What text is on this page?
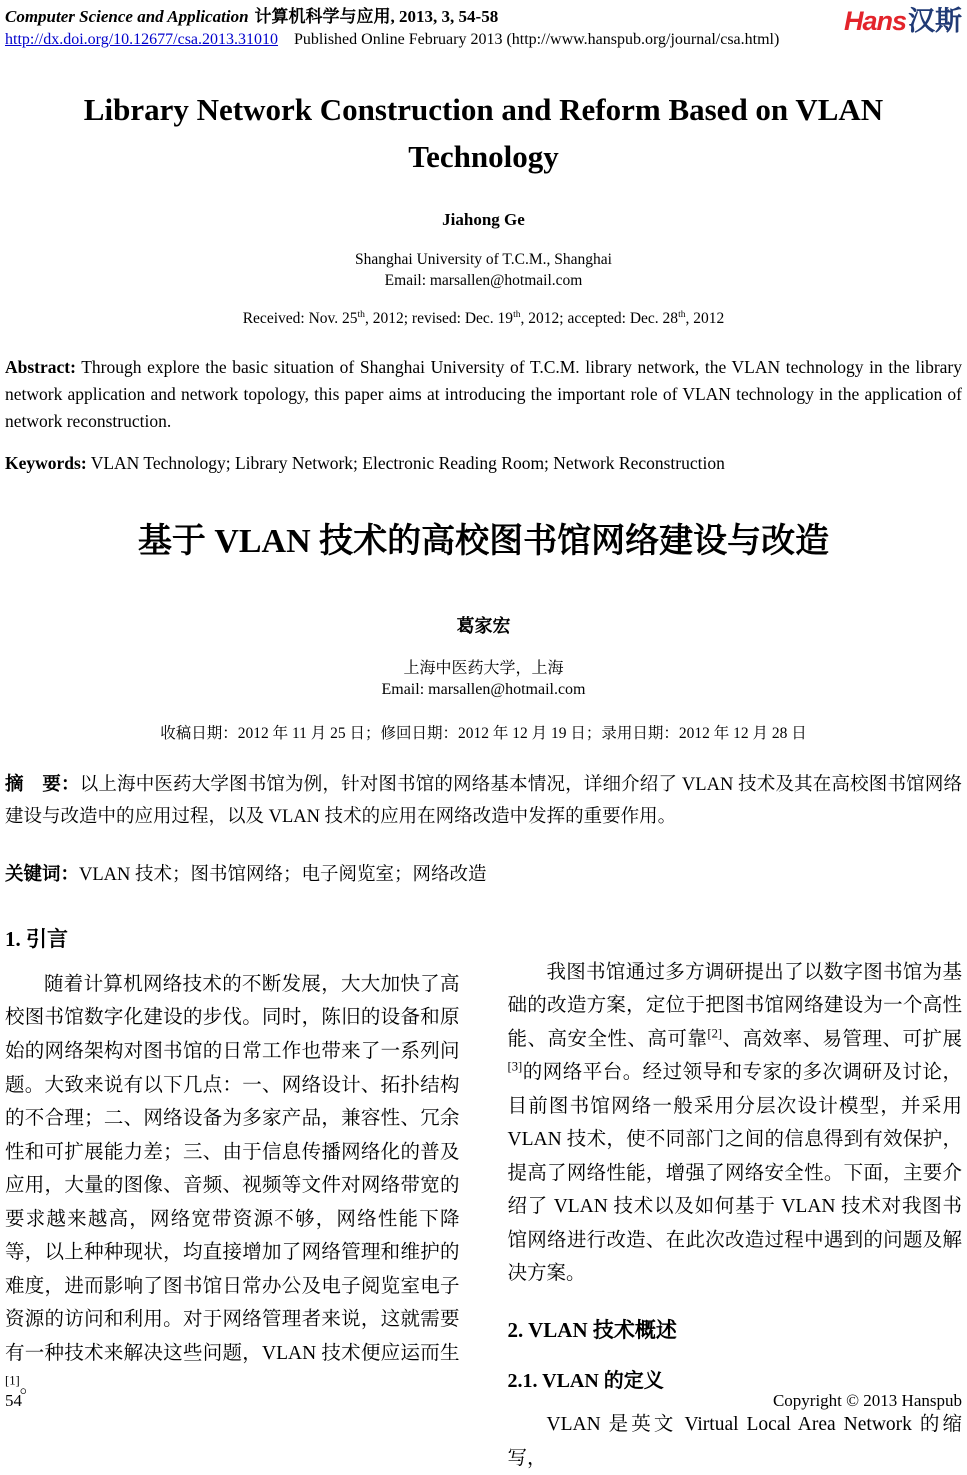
Computer Science and Application 计算机科学与应用, 2013, 3, 54-58
http://dx.doi.org/10.12677/csa.2013.31010 Published Online February 2013 (http://www.hanspub.org/journal/csa.html)
Hans汉斯
Library Network Construction and Reform Based on VLAN Technology
Jiahong Ge
Shanghai University of T.C.M., Shanghai
Email: marsallen@hotmail.com
Received: Nov. 25th, 2012; revised: Dec. 19th, 2012; accepted: Dec. 28th, 2012

Abstract: Through explore the basic situation of Shanghai University of T.C.M. library network, the VLAN technology in the library network application and network topology, this paper aims at introducing the important role of VLAN technology in the application of network reconstruction.

Keywords: VLAN Technology; Library Network; Electronic Reading Room; Network Reconstruction

基于 VLAN 技术的高校图书馆网络建设与改造
葛家宏
上海中医药大学，上海
Email: marsallen@hotmail.com
收稿日期：2012 年 11 月 25 日；修回日期：2012 年 12 月 19 日；录用日期：2012 年 12 月 28 日

摘　要：以上海中医药大学图书馆为例，针对图书馆的网络基本情况，详细介绍了 VLAN 技术及其在高校图书馆网络建设与改造中的应用过程，以及 VLAN 技术的应用在网络改造中发挥的重要作用。

关键词：VLAN 技术；图书馆网络；电子阅览室；网络改造

1. 引言

随着计算机网络技术的不断发展，大大加快了高校图书馆数字化建设的步伐。同时，陈旧的设备和原始的网络架构对图书馆的日常工作也带来了一系列问题。大致来说有以下几点：一、网络设计、拓扑结构的不合理；二、网络设备为多家产品，兼容性、冗余性和可扩展能力差；三、由于信息传播网络化的普及应用，大量的图像、音频、视频等文件对网络带宽的要求越来越高，网络宽带资源不够，网络性能下降等，以上种种现状，均直接增加了网络管理和维护的难度，进而影响了图书馆日常办公及电子阅览室电子资源的访问和利用。对于网络管理者来说，这就需要有一种技术来解决这些问题，VLAN 技术便应运而生[1]。

我图书馆通过多方调研提出了以数字图书馆为基础的改造方案，定位于把图书馆网络建设为一个高性能、高安全性、高可靠[2]、高效率、易管理、可扩展[3]的网络平台。经过领导和专家的多次调研及讨论，目前图书馆网络一般采用分层次设计模型，并采用 VLAN 技术，使不同部门之间的信息得到有效保护，提高了网络性能，增强了网络安全性。下面，主要介绍了 VLAN 技术以及如何基于 VLAN 技术对我图书馆网络进行改造、在此次改造过程中遇到的问题及解决方案。

2. VLAN 技术概述
2.1. VLAN 的定义

VLAN 是英文 Virtual Local Area Network 的缩写，

54	Copyright © 2013 Hanspub
